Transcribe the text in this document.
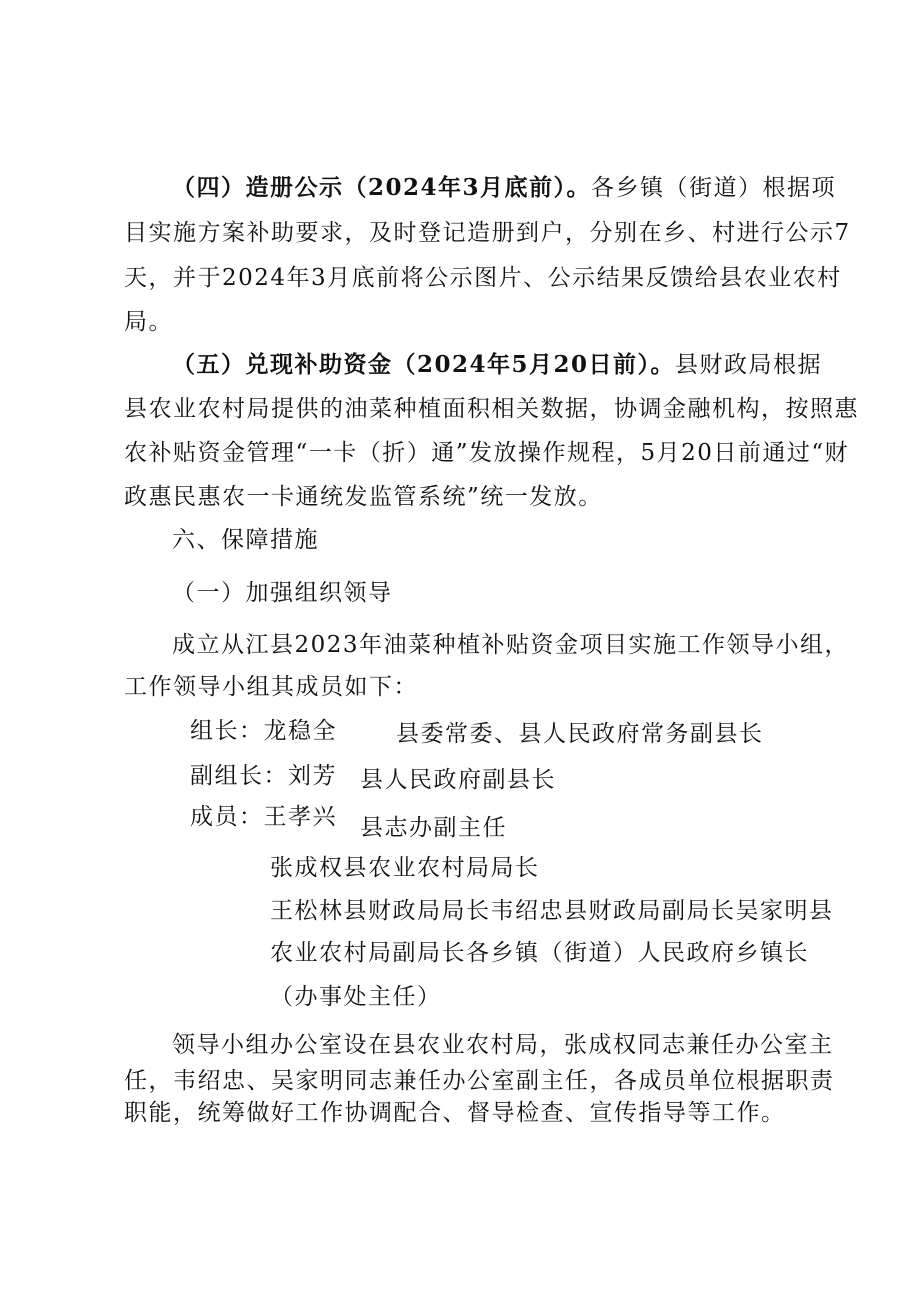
（四）造册公示（2024年3月底前）。各乡镇（街道）根据项
目实施方案补助要求，及时登记造册到户，分别在乡、村进行公示7
天，并于2024年3月底前将公示图片、公示结果反馈给县农业农村
局。
（五）兑现补助资金（2024年5月20日前）。县财政局根据
县农业农村局提供的油菜种植面积相关数据，协调金融机构，按照惠
农补贴资金管理“一卡（折）通”发放操作规程，5月20日前通过“财
政惠民惠农一卡通统发监管系统”统一发放。
六、保障措施
（一）加强组织领导
成立从江县2023年油菜种植补贴资金项目实施工作领导小组，
工作领导小组其成员如下：
组长：龙稳全	县委常委、县人民政府常务副县长
副组长：刘芳 县人民政府副县长
成员：王孝兴 县志办副主任
张成权县农业农村局局长
王松林县财政局局长韦绍忠县财政局副局长吴家明县
农业农村局副局长各乡镇（街道）人民政府乡镇长
（办事处主任）
领导小组办公室设在县农业农村局，张成权同志兼任办公室主
任，韦绍忠、吴家明同志兼任办公室副主任，各成员单位根据职责
职能，统筹做好工作协调配合、督导检查、宣传指导等工作。
